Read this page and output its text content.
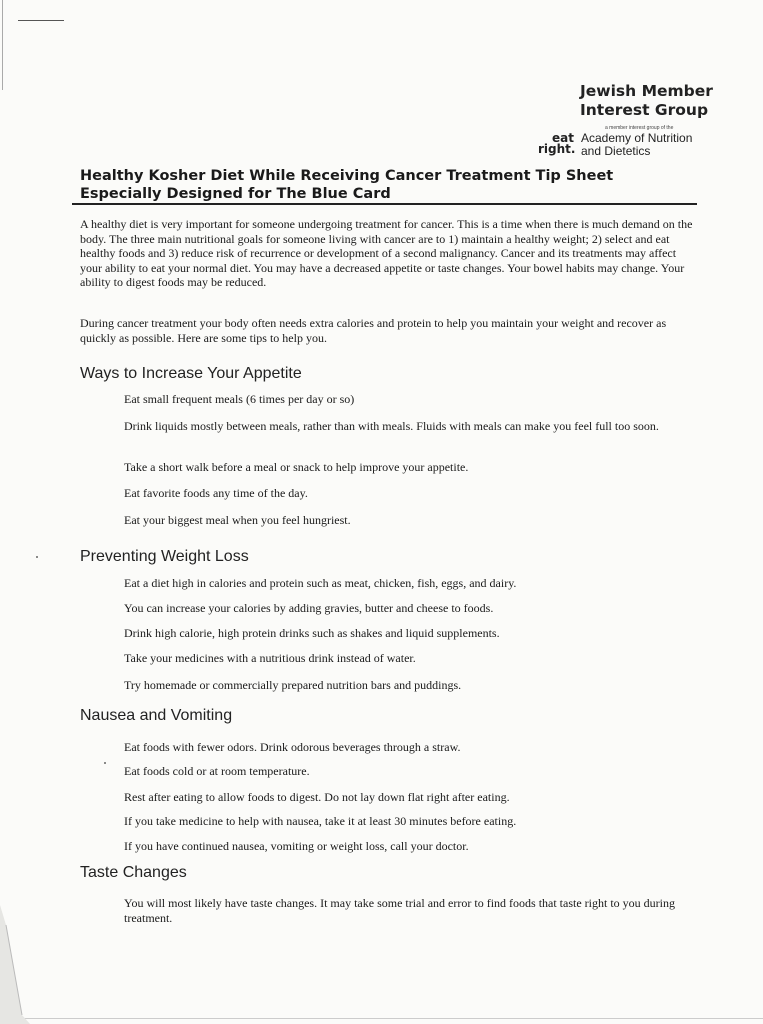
Jewish Member Interest Group
a member interest group of the
eat right.
Academy of Nutrition and Dietetics
Healthy Kosher Diet While Receiving Cancer Treatment Tip Sheet
Especially Designed for The Blue Card
A healthy diet is very important for someone undergoing treatment for cancer. This is a time when there is much demand on the body. The three main nutritional goals for someone living with cancer are to 1) maintain a healthy weight; 2) select and eat healthy foods and 3) reduce risk of recurrence or development of a second malignancy. Cancer and its treatments may affect your ability to eat your normal diet. You may have a decreased appetite or taste changes. Your bowel habits may change. Your ability to digest foods may be reduced.
During cancer treatment your body often needs extra calories and protein to help you maintain your weight and recover as quickly as possible. Here are some tips to help you.
Ways to Increase Your Appetite
Eat small frequent meals (6 times per day or so)
Drink liquids mostly between meals, rather than with meals. Fluids with meals can make you feel full too soon.
Take a short walk before a meal or snack to help improve your appetite.
Eat favorite foods any time of the day.
Eat your biggest meal when you feel hungriest.
Preventing Weight Loss
Eat a diet high in calories and protein such as meat, chicken, fish, eggs, and dairy.
You can increase your calories by adding gravies, butter and cheese to foods.
Drink high calorie, high protein drinks such as shakes and liquid supplements.
Take your medicines with a nutritious drink instead of water.
Try homemade or commercially prepared nutrition bars and puddings.
Nausea and Vomiting
Eat foods with fewer odors. Drink odorous beverages through a straw.
Eat foods cold or at room temperature.
Rest after eating to allow foods to digest. Do not lay down flat right after eating.
If you take medicine to help with nausea, take it at least 30 minutes before eating.
If you have continued nausea, vomiting or weight loss, call your doctor.
Taste Changes
You will most likely have taste changes. It may take some trial and error to find foods that taste right to you during treatment.
